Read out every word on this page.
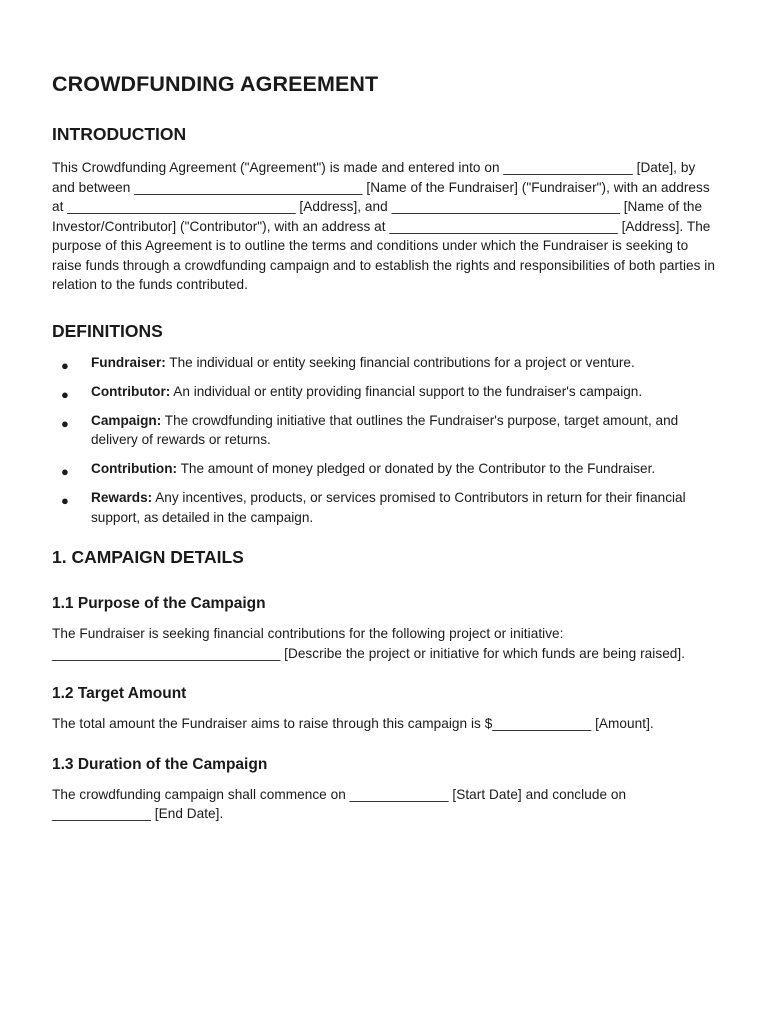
CROWDFUNDING AGREEMENT
INTRODUCTION

This Crowdfunding Agreement ("Agreement") is made and entered into on _________________ [Date], by and between ______________________________ [Name of the Fundraiser] ("Fundraiser"), with an address at ______________________________ [Address], and ______________________________ [Name of the Investor/Contributor] ("Contributor"), with an address at ______________________________ [Address]. The purpose of this Agreement is to outline the terms and conditions under which the Fundraiser is seeking to raise funds through a crowdfunding campaign and to establish the rights and responsibilities of both parties in relation to the funds contributed.

DEFINITIONS
● Fundraiser: The individual or entity seeking financial contributions for a project or venture.
● Contributor: An individual or entity providing financial support to the fundraiser's campaign.
● Campaign: The crowdfunding initiative that outlines the Fundraiser's purpose, target amount, and delivery of rewards or returns.
● Contribution: The amount of money pledged or donated by the Contributor to the Fundraiser.
● Rewards: Any incentives, products, or services promised to Contributors in return for their financial support, as detailed in the campaign.
1. CAMPAIGN DETAILS
1.1 Purpose of the Campaign

The Fundraiser is seeking financial contributions for the following project or initiative: ______________________________ [Describe the project or initiative for which funds are being raised].

1.2 Target Amount

The total amount the Fundraiser aims to raise through this campaign is $_____________ [Amount].

1.3 Duration of the Campaign

The crowdfunding campaign shall commence on _____________ [Start Date] and conclude on _____________ [End Date].
